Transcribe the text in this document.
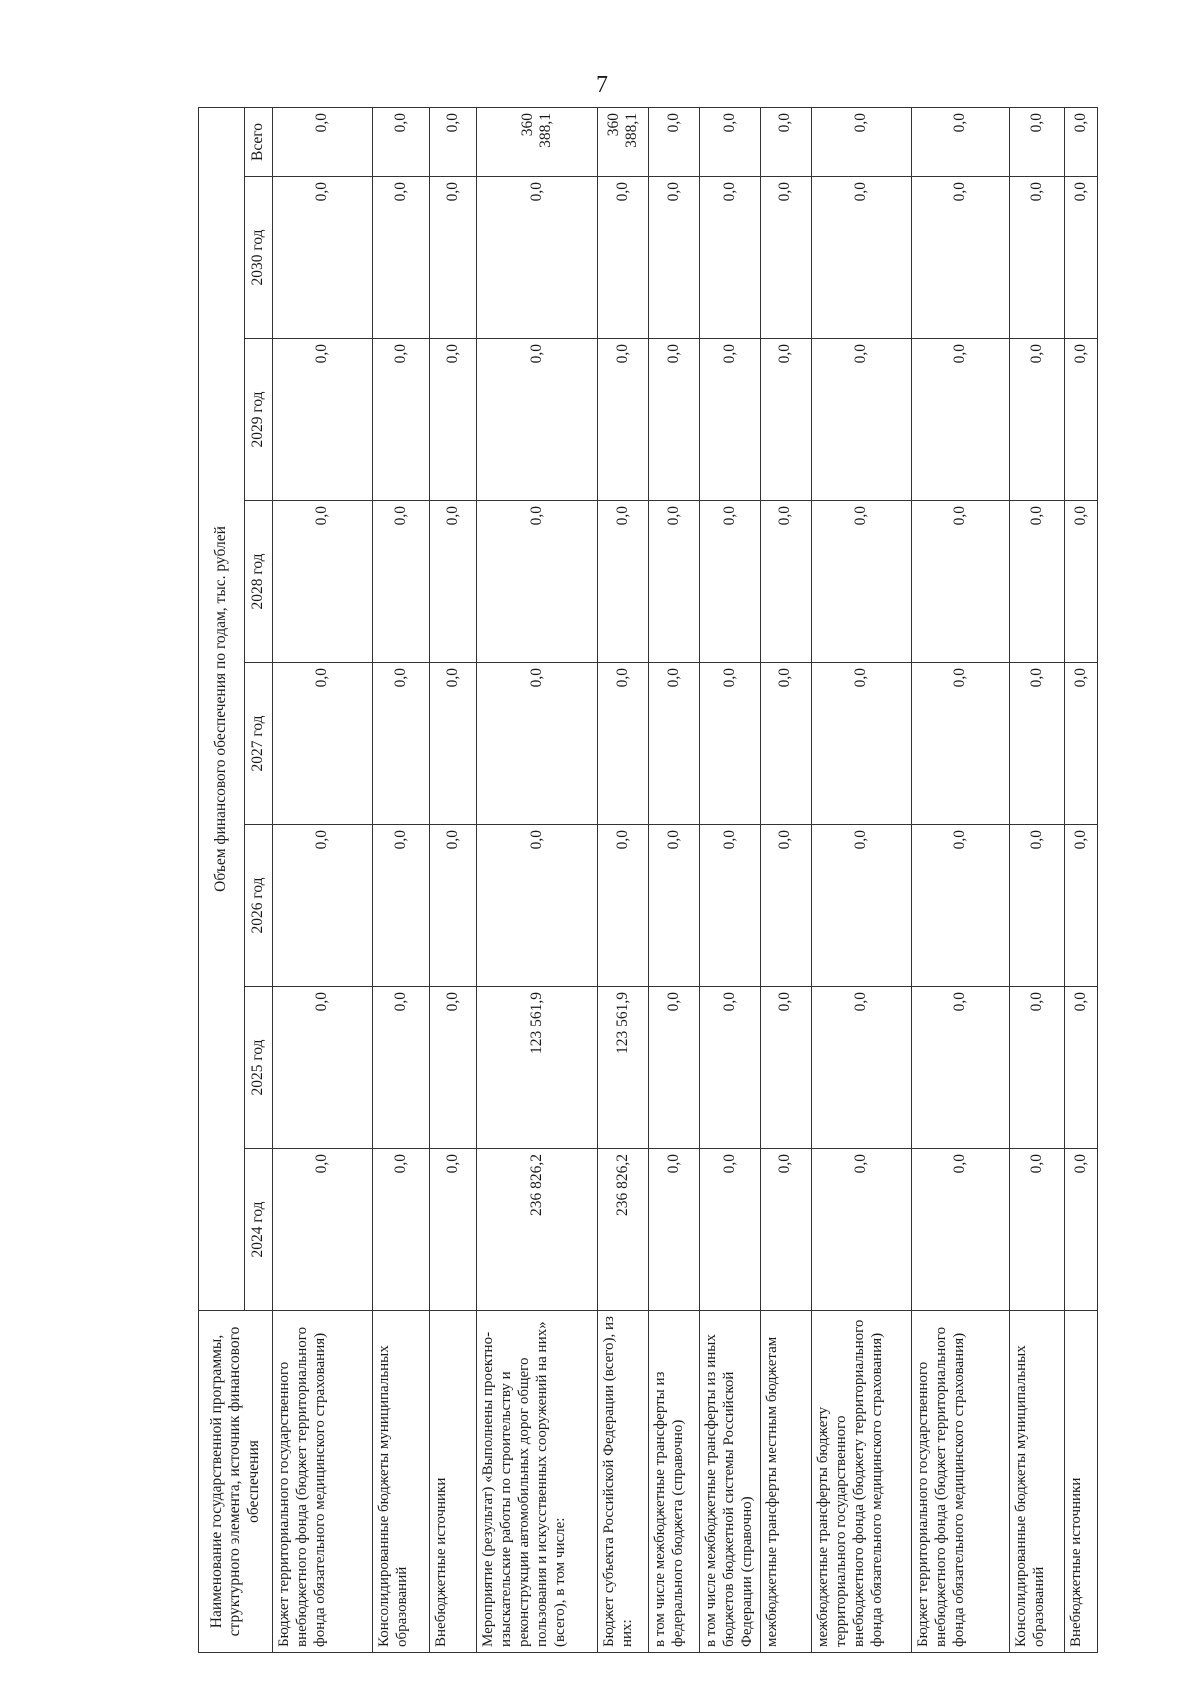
7
Наименование государственной программы, структурного элемента, источник финансового обеспечения	Объем финансового обеспечения по годам, тыс. рублей							
	2024 год	2025 год	2026 год	2027 год	2028 год	2029 год	2030 год	Всего
Бюджет территориального государственного внебюджетного фонда (бюджет территориального фонда обязательного медицинского страхования)	0,0	0,0	0,0	0,0	0,0	0,0	0,0	0,0
Консолидированные бюджеты муниципальных образований	0,0	0,0	0,0	0,0	0,0	0,0	0,0	0,0
Внебюджетные источники	0,0	0,0	0,0	0,0	0,0	0,0	0,0	0,0
Мероприятие (результат) «Выполнены проектно-изыскательские работы по строительству и реконструкции автомобильных дорог общего пользования и искусственных сооружений на них» (всего), в том числе:	236 826,2	123 561,9	0,0	0,0	0,0	0,0	0,0	360 388,1
Бюджет субъекта Российской Федерации (всего), из них:	236 826,2	123 561,9	0,0	0,0	0,0	0,0	0,0	360 388,1
в том числе межбюджетные трансферты из федерального бюджета (справочно)	0,0	0,0	0,0	0,0	0,0	0,0	0,0	0,0
в том числе межбюджетные трансферты из иных бюджетов бюджетной системы Российской Федерации (справочно)	0,0	0,0	0,0	0,0	0,0	0,0	0,0	0,0
межбюджетные трансферты местным бюджетам	0,0	0,0	0,0	0,0	0,0	0,0	0,0	0,0
межбюджетные трансферты бюджету территориального государственного внебюджетного фонда (бюджету территориального фонда обязательного медицинского страхования)	0,0	0,0	0,0	0,0	0,0	0,0	0,0	0,0
Бюджет территориального государственного внебюджетного фонда (бюджет территориального фонда обязательного медицинского страхования)	0,0	0,0	0,0	0,0	0,0	0,0	0,0	0,0
Консолидированные бюджеты муниципальных образований	0,0	0,0	0,0	0,0	0,0	0,0	0,0	0,0
Внебюджетные источники	0,0	0,0	0,0	0,0	0,0	0,0	0,0	0,0
